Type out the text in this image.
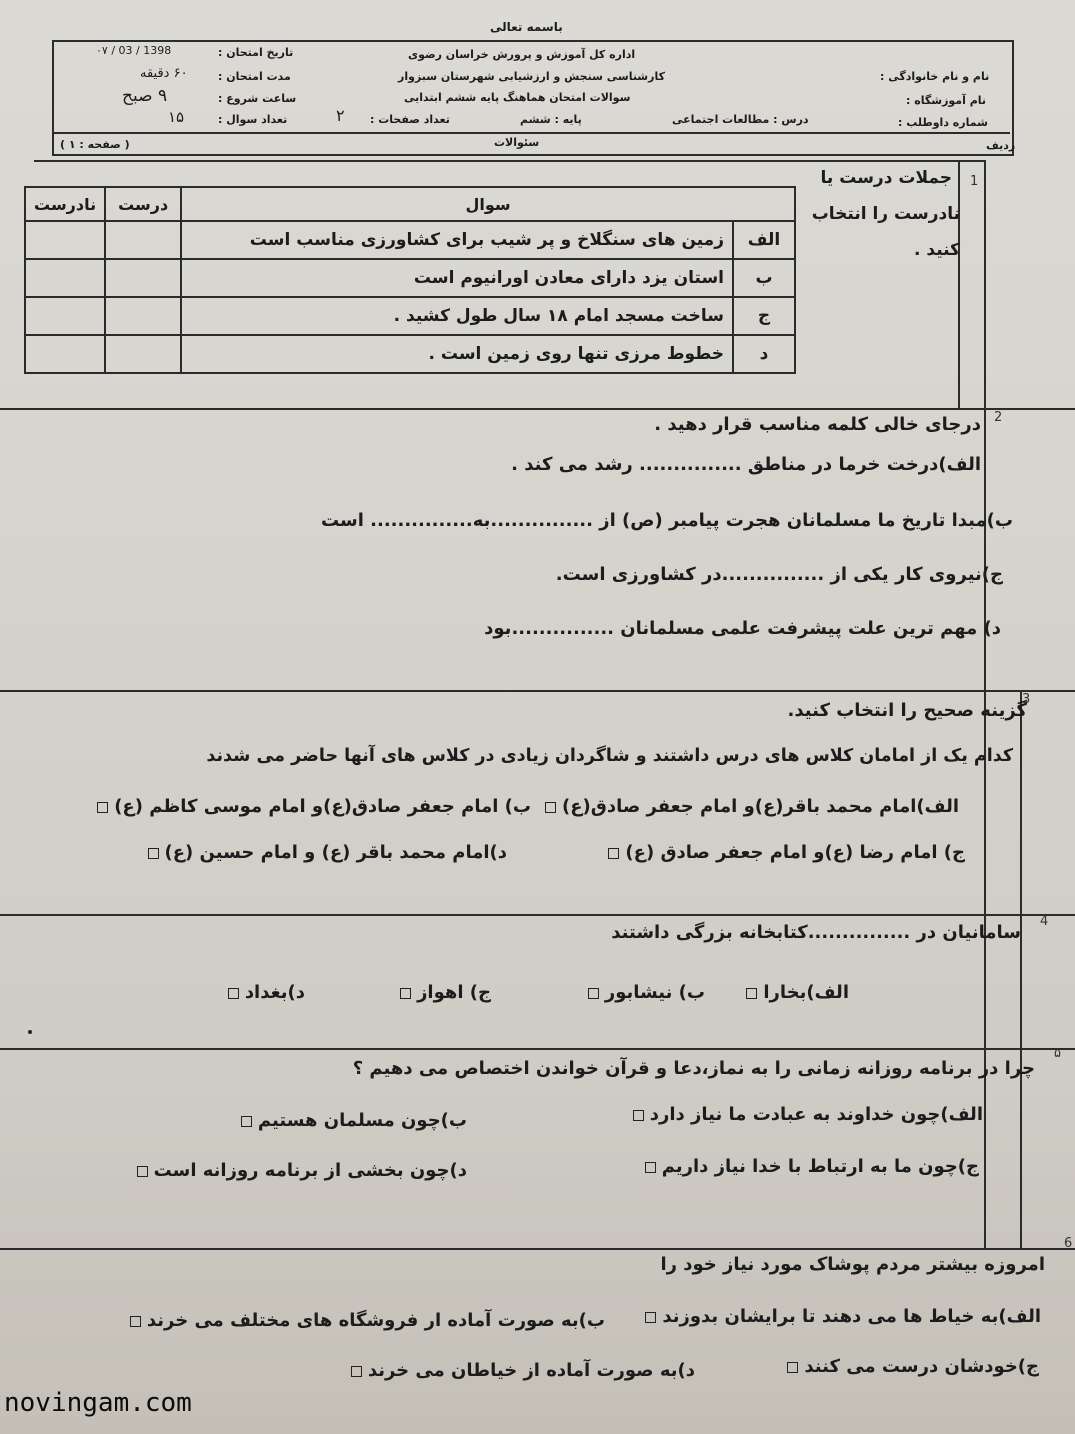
باسمه تعالی
اداره کل آموزش و پرورش خراسان رضوی
کارشناسی سنجش و ارزشیابی شهرستان سبزوار
سوالات امتحان هماهنگ پایه ششم ابتدایی
تاریخ امتحان :
۰۷ / 03 / 1398
مدت امتحان :
۶۰ دقیقه
ساعت شروع :
۹ صبح
تعداد سوال :
۱۵	تعداد صفحات :
۲	پایه : ششم	درس : مطالعات اجتماعی
نام و نام خانوادگی :
نام آموزشگاه :
شماره داوطلب :
ردیف
سئوالات
( صفحه : ۱ )
1
جملات درست یا
نادرست را انتخاب
کنید .
سوال		درست	نادرست
الف	زمین های سنگلاخ و پر شیب برای کشاورزی مناسب است		
ب	استان یزد دارای معادن اورانیوم است		
ج	ساخت مسجد امام ۱۸ سال طول کشید .		
د	خطوط مرزی تنها روی زمین است .		
2
درجای خالی کلمه مناسب قرار دهید .
الف)درخت خرما در مناطق ............... رشد می کند .
ب)مبدا تاریخ ما مسلمانان هجرت پیامبر (ص) از ...............به............... است
ج)نیروی کار یکی از ...............در کشاورزی است.
د) مهم ترین علت پیشرفت علمی مسلمانان ...............بود
3
گزینه صحیح را انتخاب کنید.
کدام یک از امامان کلاس های درس داشتند و شاگردان زیادی در کلاس های آنها حاضر می شدند
الف)امام محمد باقر(ع)و امام جعفر صادق(ع)
ب) امام جعفر صادق(ع)و امام موسی کاظم (ع)
ج) امام رضا (ع)و امام جعفر صادق (ع)
د)امام محمد باقر (ع) و امام حسین (ع)
4
سامانیان در ...............کتابخانه بزرگی داشتند
الف)بخارا
ب) نیشابور
ج) اهواز
د)بغداد
۵
چرا در برنامه روزانه زمانی را به نماز،دعا و قرآن خواندن اختصاص می دهیم ؟
الف)چون خداوند به عبادت ما نیاز دارد
ب)چون مسلمان هستیم
ج)چون ما به ارتباط با خدا نیاز داریم
د)چون بخشی از برنامه روزانه است
6
امروزه بیشتر مردم پوشاک مورد نیاز خود را
الف)به خیاط ها می دهند تا برایشان بدوزند
ب)به صورت آماده ار فروشگاه های مختلف می خرند
ج)خودشان درست می کنند
د)به صورت آماده از خیاطان می خرند
novingam.com
